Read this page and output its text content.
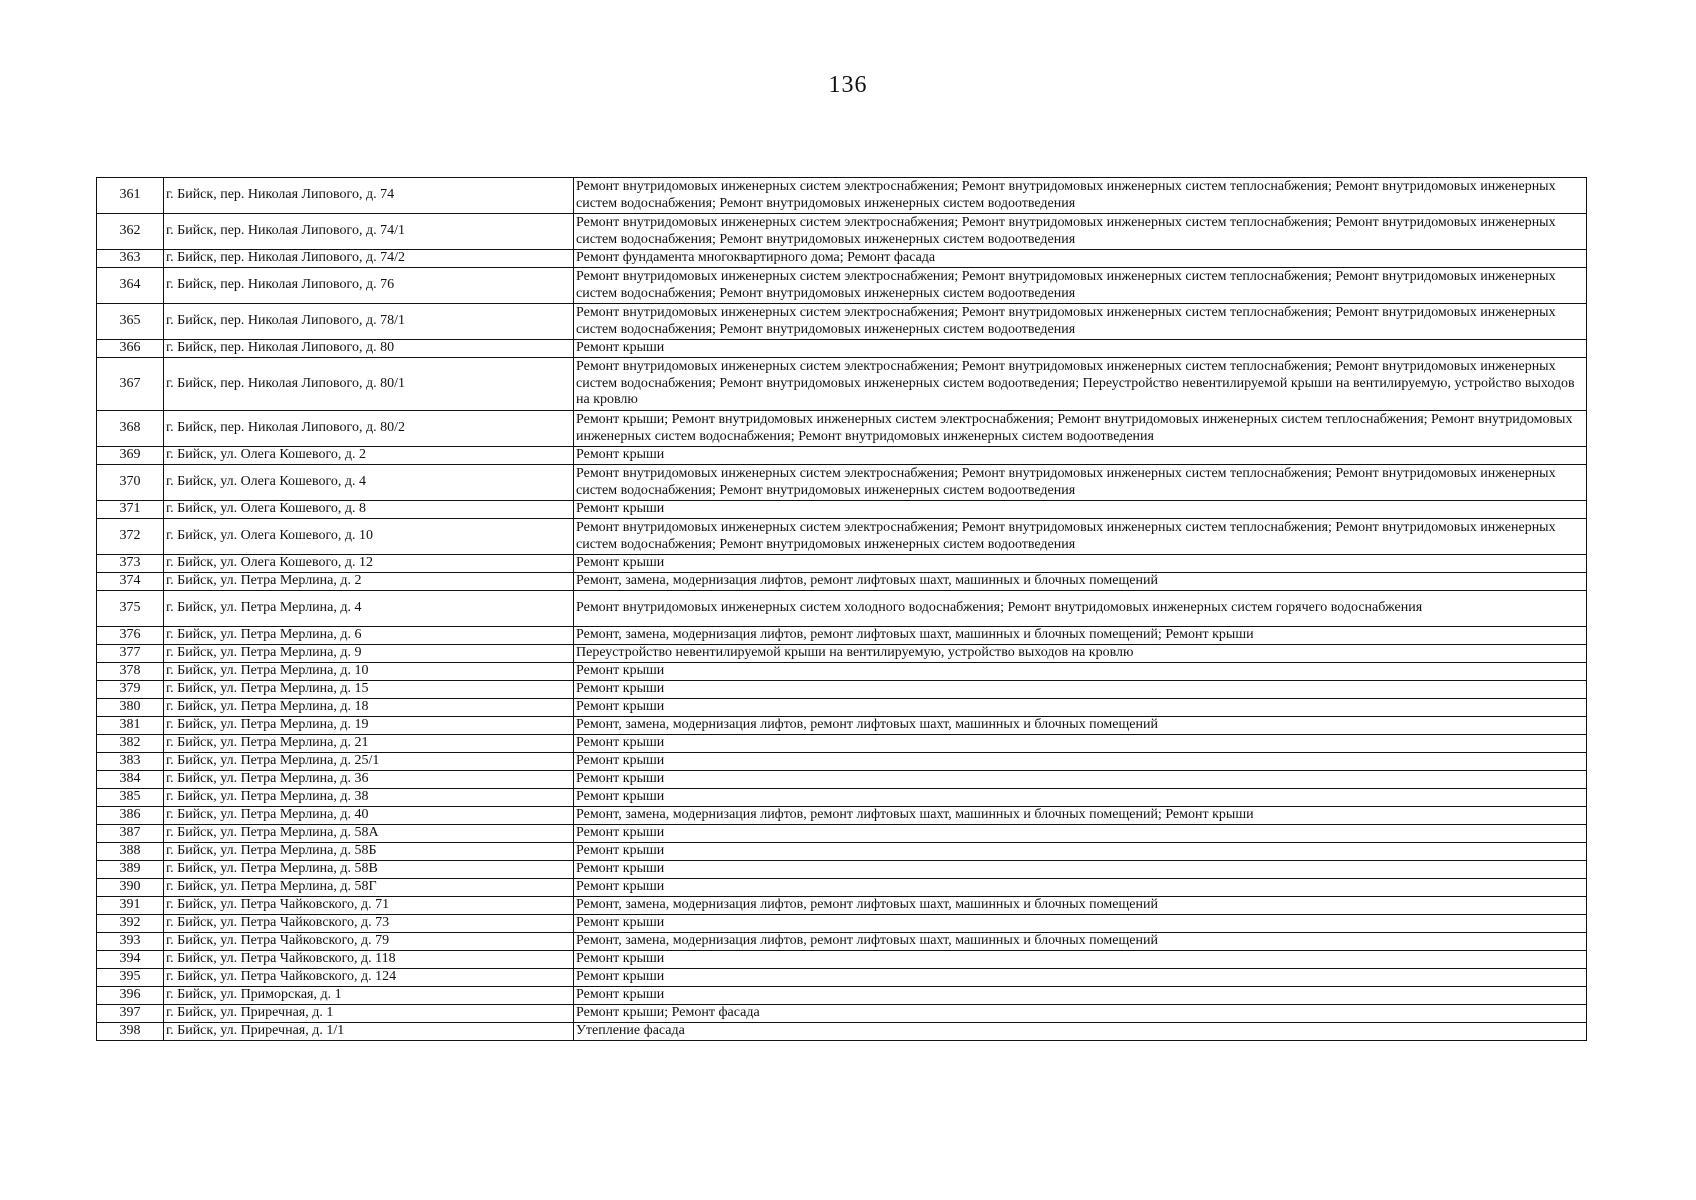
136
361	г. Бийск, пер. Николая Липового, д. 74	Ремонт внутридомовых инженерных систем электроснабжения; Ремонт внутридомовых инженерных систем теплоснабжения; Ремонт внутридомовых инженерных систем водоснабжения; Ремонт внутридомовых инженерных систем водоотведения
362	г. Бийск, пер. Николая Липового, д. 74/1	Ремонт внутридомовых инженерных систем электроснабжения; Ремонт внутридомовых инженерных систем теплоснабжения; Ремонт внутридомовых инженерных систем водоснабжения; Ремонт внутридомовых инженерных систем водоотведения
363	г. Бийск, пер. Николая Липового, д. 74/2	Ремонт фундамента многоквартирного дома; Ремонт фасада
364	г. Бийск, пер. Николая Липового, д. 76	Ремонт внутридомовых инженерных систем электроснабжения; Ремонт внутридомовых инженерных систем теплоснабжения; Ремонт внутридомовых инженерных систем водоснабжения; Ремонт внутридомовых инженерных систем водоотведения
365	г. Бийск, пер. Николая Липового, д. 78/1	Ремонт внутридомовых инженерных систем электроснабжения; Ремонт внутридомовых инженерных систем теплоснабжения; Ремонт внутридомовых инженерных систем водоснабжения; Ремонт внутридомовых инженерных систем водоотведения
366	г. Бийск, пер. Николая Липового, д. 80	Ремонт крыши
367	г. Бийск, пер. Николая Липового, д. 80/1	Ремонт внутридомовых инженерных систем электроснабжения; Ремонт внутридомовых инженерных систем теплоснабжения; Ремонт внутридомовых инженерных систем водоснабжения; Ремонт внутридомовых инженерных систем водоотведения; Переустройство невентилируемой крыши на вентилируемую, устройство выходов на кровлю
368	г. Бийск, пер. Николая Липового, д. 80/2	Ремонт крыши; Ремонт внутридомовых инженерных систем электроснабжения; Ремонт внутридомовых инженерных систем теплоснабжения; Ремонт внутридомовых инженерных систем водоснабжения; Ремонт внутридомовых инженерных систем водоотведения
369	г. Бийск, ул. Олега Кошевого, д. 2	Ремонт крыши
370	г. Бийск, ул. Олега Кошевого, д. 4	Ремонт внутридомовых инженерных систем электроснабжения; Ремонт внутридомовых инженерных систем теплоснабжения; Ремонт внутридомовых инженерных систем водоснабжения; Ремонт внутридомовых инженерных систем водоотведения
371	г. Бийск, ул. Олега Кошевого, д. 8	Ремонт крыши
372	г. Бийск, ул. Олега Кошевого, д. 10	Ремонт внутридомовых инженерных систем электроснабжения; Ремонт внутридомовых инженерных систем теплоснабжения; Ремонт внутридомовых инженерных систем водоснабжения; Ремонт внутридомовых инженерных систем водоотведения
373	г. Бийск, ул. Олега Кошевого, д. 12	Ремонт крыши
374	г. Бийск, ул. Петра Мерлина, д. 2	Ремонт, замена, модернизация лифтов, ремонт лифтовых шахт, машинных и блочных помещений
375	г. Бийск, ул. Петра Мерлина, д. 4	Ремонт внутридомовых инженерных систем холодного водоснабжения; Ремонт внутридомовых инженерных систем горячего водоснабжения
376	г. Бийск, ул. Петра Мерлина, д. 6	Ремонт, замена, модернизация лифтов, ремонт лифтовых шахт, машинных и блочных помещений; Ремонт крыши
377	г. Бийск, ул. Петра Мерлина, д. 9	Переустройство невентилируемой крыши на вентилируемую, устройство выходов на кровлю
378	г. Бийск, ул. Петра Мерлина, д. 10	Ремонт крыши
379	г. Бийск, ул. Петра Мерлина, д. 15	Ремонт крыши
380	г. Бийск, ул. Петра Мерлина, д. 18	Ремонт крыши
381	г. Бийск, ул. Петра Мерлина, д. 19	Ремонт, замена, модернизация лифтов, ремонт лифтовых шахт, машинных и блочных помещений
382	г. Бийск, ул. Петра Мерлина, д. 21	Ремонт крыши
383	г. Бийск, ул. Петра Мерлина, д. 25/1	Ремонт крыши
384	г. Бийск, ул. Петра Мерлина, д. 36	Ремонт крыши
385	г. Бийск, ул. Петра Мерлина, д. 38	Ремонт крыши
386	г. Бийск, ул. Петра Мерлина, д. 40	Ремонт, замена, модернизация лифтов, ремонт лифтовых шахт, машинных и блочных помещений; Ремонт крыши
387	г. Бийск, ул. Петра Мерлина, д. 58А	Ремонт крыши
388	г. Бийск, ул. Петра Мерлина, д. 58Б	Ремонт крыши
389	г. Бийск, ул. Петра Мерлина, д. 58В	Ремонт крыши
390	г. Бийск, ул. Петра Мерлина, д. 58Г	Ремонт крыши
391	г. Бийск, ул. Петра Чайковского, д. 71	Ремонт, замена, модернизация лифтов, ремонт лифтовых шахт, машинных и блочных помещений
392	г. Бийск, ул. Петра Чайковского, д. 73	Ремонт крыши
393	г. Бийск, ул. Петра Чайковского, д. 79	Ремонт, замена, модернизация лифтов, ремонт лифтовых шахт, машинных и блочных помещений
394	г. Бийск, ул. Петра Чайковского, д. 118	Ремонт крыши
395	г. Бийск, ул. Петра Чайковского, д. 124	Ремонт крыши
396	г. Бийск, ул. Приморская, д. 1	Ремонт крыши
397	г. Бийск, ул. Приречная, д. 1	Ремонт крыши; Ремонт фасада
398	г. Бийск, ул. Приречная, д. 1/1	Утепление фасада
